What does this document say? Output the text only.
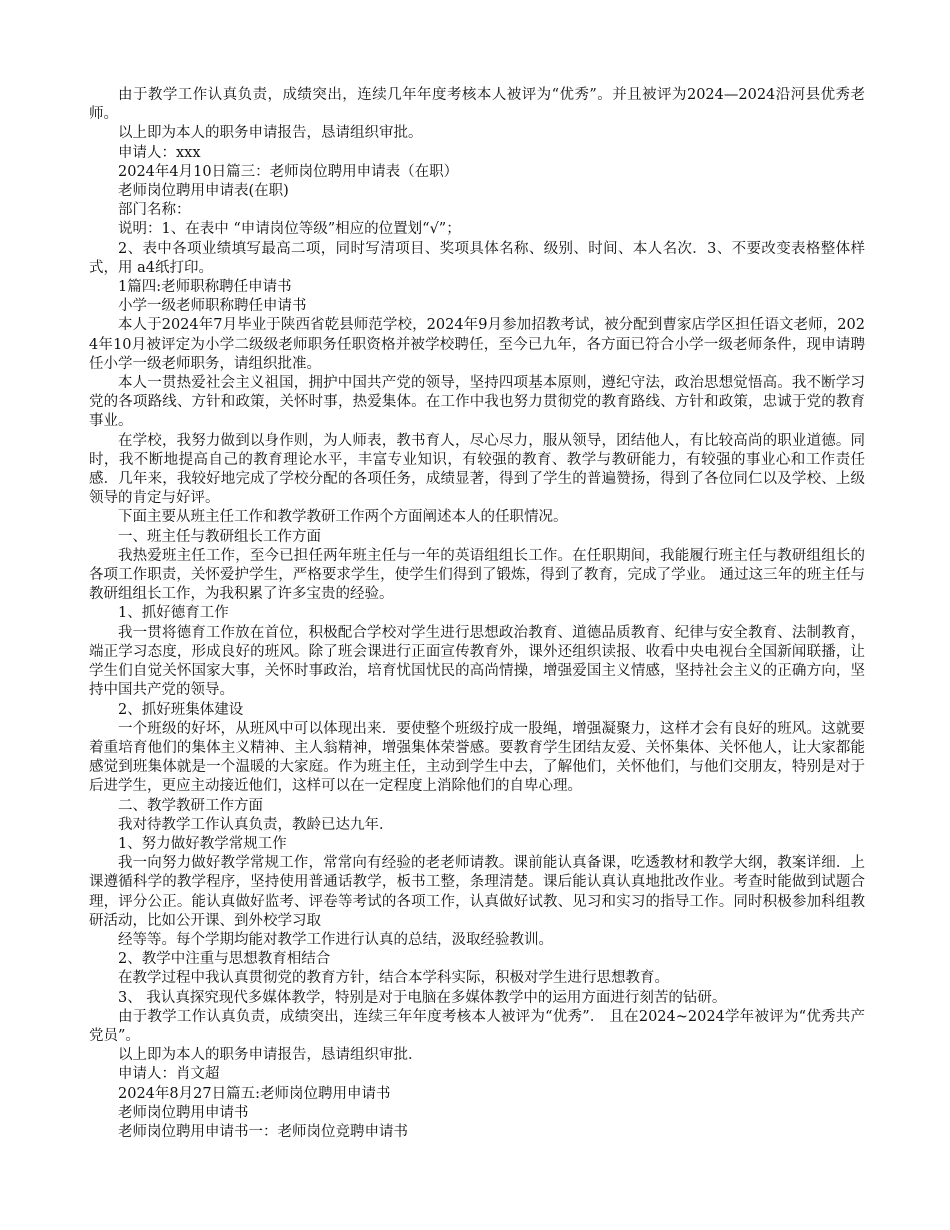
由于教学工作认真负责，成绩突出，连续几年年度考核本人被评为“优秀”。并且被评为2024—2024沿河县优秀老师。

以上即为本人的职务申请报告，恳请组织审批。

申请人：xxx

2024年4月10日篇三：老师岗位聘用申请表（在职）

老师岗位聘用申请表(在职)

部门名称：

说明：1、在表中 “申请岗位等级”相应的位置划“√”；

2、表中各项业绩填写最高二项，同时写清项目、奖项具体名称、级别、时间、本人名次．3、不要改变表格整体样式，用 a4纸打印。

1篇四:老师职称聘任申请书

小学一级老师职称聘任申请书

本人于2024年7月毕业于陕西省乾县师范学校，2024年9月参加招教考试，被分配到曹家店学区担任语文老师，2024年10月被评定为小学二级级老师职务任职资格并被学校聘任，至今已九年，各方面已符合小学一级老师条件，现申请聘任小学一级老师职务，请组织批准。

本人一贯热爱社会主义祖国，拥护中国共产党的领导，坚持四项基本原则，遵纪守法，政治思想觉悟高。我不断学习党的各项路线、方针和政策，关怀时事，热爱集体。在工作中我也努力贯彻党的教育路线、方针和政策，忠诚于党的教育事业。

在学校，我努力做到以身作则，为人师表，教书育人，尽心尽力，服从领导，团结他人，有比较高尚的职业道德。同时，我不断地提高自己的教育理论水平，丰富专业知识，有较强的教育、教学与教研能力，有较强的事业心和工作责任感．几年来，我较好地完成了学校分配的各项任务，成绩显著，得到了学生的普遍赞扬，得到了各位同仁以及学校、上级领导的肯定与好评。

下面主要从班主任工作和教学教研工作两个方面阐述本人的任职情况。

一、班主任与教研组长工作方面

我热爱班主任工作，至今已担任两年班主任与一年的英语组组长工作。在任职期间，我能履行班主任与教研组组长的各项工作职责，关怀爱护学生，严格要求学生，使学生们得到了锻炼，得到了教育，完成了学业。 通过这三年的班主任与教研组组长工作，为我积累了许多宝贵的经验。

1、抓好德育工作

我一贯将德育工作放在首位，积极配合学校对学生进行思想政治教育、道德品质教育、纪律与安全教育、法制教育，端正学习态度，形成良好的班风。除了班会课进行正面宣传教育外，课外还组织读报、收看中央电视台全国新闻联播，让学生们自觉关怀国家大事，关怀时事政治，培育忧国忧民的高尚情操，增强爱国主义情感，坚持社会主义的正确方向，坚持中国共产党的领导。

2、抓好班集体建设

一个班级的好坏，从班风中可以体现出来．要使整个班级拧成一股绳，增强凝聚力，这样才会有良好的班风。这就要着重培育他们的集体主义精神、主人翁精神，增强集体荣誉感。要教育学生团结友爱、关怀集体、关怀他人，让大家都能感觉到班集体就是一个温暖的大家庭。作为班主任，主动到学生中去，了解他们，关怀他们，与他们交朋友，特别是对于后进学生，更应主动接近他们，这样可以在一定程度上消除他们的自卑心理。

二、教学教研工作方面

我对待教学工作认真负责，教龄已达九年．

1、努力做好教学常规工作

我一向努力做好教学常规工作，常常向有经验的老老师请教。课前能认真备课，吃透教材和教学大纲，教案详细．上课遵循科学的教学程序，坚持使用普通话教学，板书工整，条理清楚。课后能认真认真地批改作业。考查时能做到试题合理，评分公正。能认真做好监考、评卷等考试的各项工作，认真做好试教、见习和实习的指导工作。同时积极参加科组教研活动，比如公开课、到外校学习取

经等等。每个学期均能对教学工作进行认真的总结，汲取经验教训。

2、教学中注重与思想教育相结合

在教学过程中我认真贯彻党的教育方针，结合本学科实际，积极对学生进行思想教育。

3、 我认真探究现代多媒体教学，特别是对于电脑在多媒体教学中的运用方面进行刻苦的钻研。

由于教学工作认真负责，成绩突出，连续三年年度考核本人被评为“优秀”． 且在2024~2024学年被评为“优秀共产党员”。

以上即为本人的职务申请报告，恳请组织审批．

申请人：肖文超

2024年8月27日篇五:老师岗位聘用申请书

老师岗位聘用申请书

老师岗位聘用申请书一：老师岗位竞聘申请书
